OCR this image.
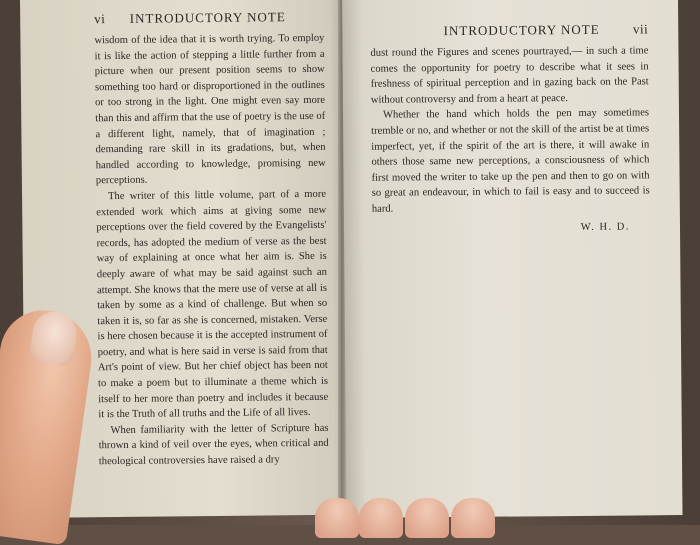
vi INTRODUCTORY NOTE

wisdom of the idea that it is worth trying. To employ it is like the action of stepping a little further from a picture when our present position seems to show something too hard or disproportioned in the outlines or too strong in the light. One might even say more than this and affirm that the use of poetry is the use of a different light, namely, that of imagination ; demanding rare skill in its gradations, but, when handled according to knowledge, promising new perceptions.

The writer of this little volume, part of a more extended work which aims at giving some new perceptions over the field covered by the Evangelists' records, has adopted the medium of verse as the best way of explaining at once what her aim is. She is deeply aware of what may be said against such an attempt. She knows that the mere use of verse at all is taken by some as a kind of challenge. But when so taken it is, so far as she is concerned, mistaken. Verse is here chosen because it is the accepted instrument of poetry, and what is here said in verse is said from that Art's point of view. But her chief object has been not to make a poem but to illuminate a theme which is itself to her more than poetry and includes it because it is the Truth of all truths and the Life of all lives.

When familiarity with the letter of Scripture has thrown a kind of veil over the eyes, when critical and theological controversies have raised a dry

INTRODUCTORY NOTE	vii

dust round the Figures and scenes pourtrayed,— in such a time comes the opportunity for poetry to describe what it sees in freshness of spiritual perception and in gazing back on the Past without controversy and from a heart at peace.

Whether the hand which holds the pen may sometimes tremble or no, and whether or not the skill of the artist be at times imperfect, yet, if the spirit of the art is there, it will awake in others those same new perceptions, a consciousness of which first moved the writer to take up the pen and then to go on with so great an endeavour, in which to fail is easy and to succeed is hard.

W. H. D.
